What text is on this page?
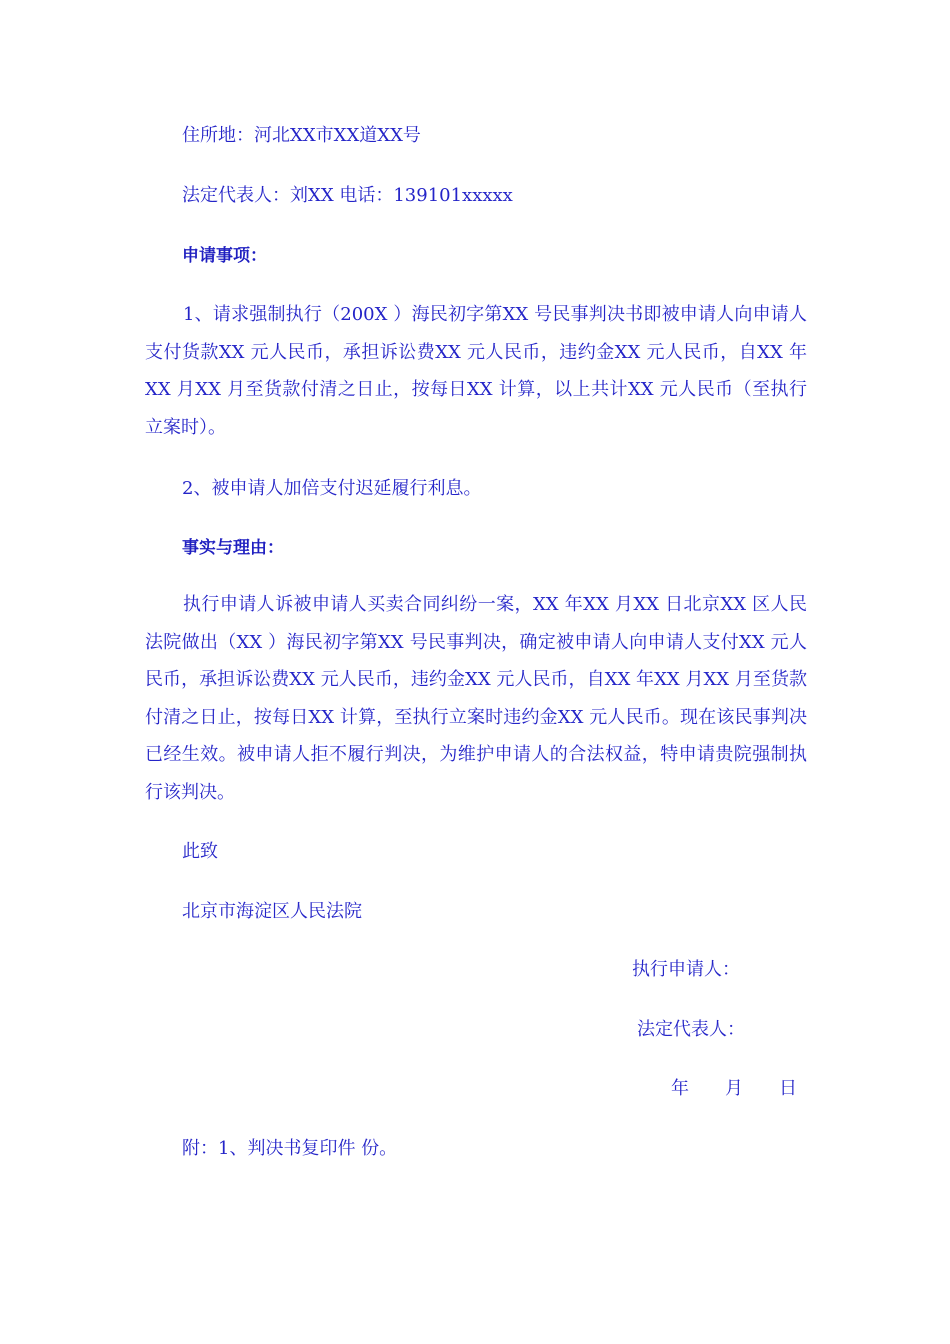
住所地：河北XX市XX道XX号
法定代表人：刘XX 电话：139101xxxxx
申请事项：
1、请求强制执行（200X ）海民初字第XX 号民事判决书即被申请人向申请人支付货款XX 元人民币，承担诉讼费XX 元人民币，违约金XX 元人民币，自XX 年XX 月XX 月至货款付清之日止，按每日XX 计算，以上共计XX 元人民币（至执行立案时）。
2、被申请人加倍支付迟延履行利息。
事实与理由：
执行申请人诉被申请人买卖合同纠纷一案，XX 年XX 月XX 日北京XX 区人民法院做出（XX ）海民初字第XX 号民事判决，确定被申请人向申请人支付XX 元人民币，承担诉讼费XX 元人民币，违约金XX 元人民币，自XX 年XX 月XX 月至货款付清之日止，按每日XX 计算，至执行立案时违约金XX 元人民币。现在该民事判决已经生效。被申请人拒不履行判决，为维护申请人的合法权益，特申请贵院强制执行该判决。
此致
北京市海淀区人民法院
执行申请人：
法定代表人：
年　　月　　日
附：1、判决书复印件 份。
